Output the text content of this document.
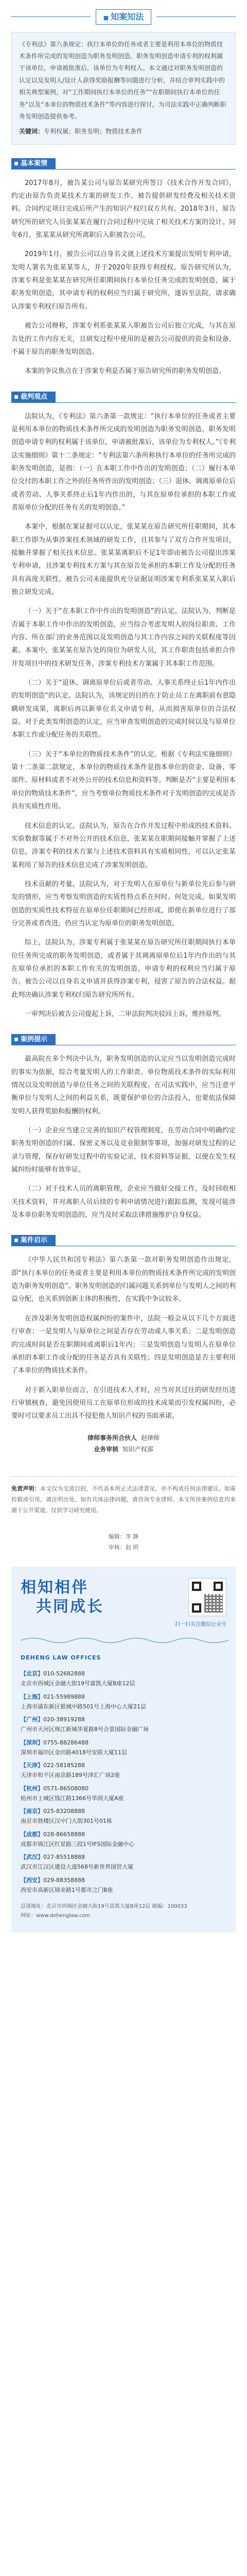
■ 知案知法
《专利法》第六条规定：执行本单位的任务或者主要是利用本单位的物质技术条件所完成的发明创造为职务发明创造。职务发明创造申请专利的权利属于该单位，申请被批准后，该单位为专利权人。本文通过对职务发明创造的认定以及发明人/设计人获得奖励报酬等问题进行分析，并结合审判实践中的相关典型案例，对“工作期间执行本单位的任务”“在职期间执行本单位的任务”以及“本单位的物质技术条件”等内容进行探讨，为司法实践中正确判断职务发明创造提供参考。
关键词：专利权属；职务发明；物质技术条件
基本案情

2017年8月，被告某公司与原告某研究所签订《技术合作开发合同》，约定由原告负责某技术方案的研发工作，被告提供研发经费及相关技术资料。合同约定项目完成后所产生的知识产权归双方共有。2018年3月，原告研究所的研究人员张某某在履行合同过程中完成了相关技术方案的设计。同年6月，张某某从研究所离职后入职被告公司。

2019年1月，被告公司以自身名义就上述技术方案提出发明专利申请，发明人署名为张某某等人，并于2020年获得专利授权。原告研究所认为，涉案专利是张某某在研究所任职期间执行本单位任务完成的发明创造，属于职务发明创造，其申请专利的权利应当归属于研究所，遂诉至法院，请求确认涉案专利权归原告所有。

被告公司辩称，涉案专利系张某某入职被告公司后独立完成，与其在原告处的工作内容无关，且研发过程中使用的是被告公司提供的资金和设备，不属于原告的职务发明创造。

本案的争议焦点在于涉案专利是否属于原告研究所的职务发明创造。

裁判观点

法院认为，《专利法》第六条第一款规定：“执行本单位的任务或者主要是利用本单位的物质技术条件所完成的发明创造为职务发明创造。职务发明创造申请专利的权利属于该单位，申请被批准后，该单位为专利权人。”《专利法实施细则》第十二条规定：“专利法第六条所称执行本单位的任务所完成的职务发明创造，是指：（一）在本职工作中作出的发明创造；（二）履行本单位交付的本职工作之外的任务所作出的发明创造；（三）退休、调离原单位后或者劳动、人事关系终止后1年内作出的，与其在原单位承担的本职工作或者原单位分配的任务有关的发明创造。”

本案中，根据在案证据可以认定，张某某在原告研究所任职期间，其本职工作即为从事涉案技术领域的研发工作，且其参与了双方合作开发项目，接触并掌握了相关技术信息。张某某离职后不足1年即由被告公司提出涉案专利申请，且涉案专利技术方案与其在原告处承担的本职工作及分配的任务具有高度关联性。被告公司未能提供充分证据证明涉案专利系张某某入职后独立研发完成。

（一）关于“在本职工作中作出的发明创造”的认定。法院认为，判断是否属于本职工作中作出的发明创造，应当综合考虑发明人的岗位职责、工作内容、所在部门的业务范围以及发明创造与其工作内容之间的关联程度等因素。本案中，张某某在原告处的岗位为研发人员，其工作职责包括承担合作开发项目中的技术研发任务，涉案专利技术方案属于其本职工作范围。

（二）关于“退休、调离原单位后或者劳动、人事关系终止后1年内作出的发明创造”的认定。法院认为，该规定的目的在于防止员工在离职前有意隐瞒研发成果，离职后再以新单位名义申请专利，从而损害原单位的合法权益。对于此类发明创造的认定，应当审查发明创造的完成时间以及与原单位本职工作或分配任务的关联性。

（三）关于“本单位的物质技术条件”的认定。根据《专利法实施细则》第十二条第二款规定，本单位的物质技术条件是指本单位的资金、设备、零部件、原材料或者不对外公开的技术信息和资料等。判断是否“主要是利用本单位的物质技术条件”，应当考察单位物质技术条件对于发明创造的完成是否具有实质性作用。

技术信息的认定。法院认为，原告在合作开发过程中形成的技术资料、实验数据等属于不对外公开的技术信息，张某某在职期间接触并掌握了上述信息，涉案专利的技术方案与上述技术资料具有实质相同性，可以认定张某某利用了原告的技术信息完成了涉案发明创造。

技术贡献的考量。法院认为，对于发明人在原单位与新单位先后参与研发的情形，应当考察发明创造的实质性特点系在何时、何处完成。如果发明创造的实质性技术特征在原单位任职期间已经形成，即使在新单位进行了部分完善或者改进，仍应当认定为原单位的职务发明创造。

综上，法院认为，涉案专利属于张某某在原告研究所任职期间执行本单位任务所完成的职务发明创造，或者属于其调离原单位后1年内作出的与其在原单位承担的本职工作有关的发明创造，申请专利的权利应当归属于原告。被告公司以自身名义申请并获得涉案专利，侵害了原告的合法权益。据此判决确认涉案专利权归原告研究所所有。

一审判决后被告公司提起上诉，二审法院判决驳回上诉，维持原判。

案例提示

最高院在多个判决中认为，职务发明创造的认定应当以发明创造完成时的事实为依据，综合考量发明人的工作职责、单位物质技术条件的实际利用情况以及发明创造与单位任务之间的关联程度。在司法实践中，应当注意平衡单位与发明人之间的利益关系，既要保护单位的合法投入，也要依法保障发明人获得奖励和报酬的权利。

（一）企业应当建立完善的知识产权管理制度，在劳动合同中明确约定职务发明创造的归属、保密义务以及竞业限制等事项，加强对研发过程的记录与管理，保存好研发过程中的实验记录、技术资料等证据，以便在发生权属纠纷时能够有效举证。

（二）对于技术人员的离职管理，企业应当做好交接工作，及时回收相关技术资料，并对离职人员后续的专利申请情况进行跟踪监测，发现可能涉及本单位职务发明创造的，应当及时采取法律措施维护自身权益。

案件启示

《中华人民共和国专利法》第六条第一款对职务发明创造作出规定，即“执行本单位的任务或者主要是利用本单位的物质技术条件所完成的发明创造为职务发明创造”。职务发明创造的归属问题关系到单位与发明人之间的利益分配，也关系到创新主体的积极性，在实践中争议较多。

在涉及职务发明创造权属纠纷的案件中，法院一般会从以下几个方面进行审查：一是发明人与原单位之间是否存在劳动或人事关系；二是发明创造的完成时间是否在职期间或离职后1年内；三是发明创造与发明人在原单位承担的本职工作或分配的任务是否具有关联性；四是发明创造是否主要利用了本单位的物质技术条件。

对于新入职单位而言，在引进技术人才时，应当对其过往的研发经历进行审慎核查，避免因使用员工在原单位形成的技术成果而引发权属纠纷，必要时可以要求员工出具不侵犯他人知识产权的书面承诺。

律师事务所合伙人 赵律师
业务审核 知识产权部
免责声明：本文仅为交流目的，不代表本所正式法律意见，亦不构成任何法律建议。如需转载或引用，请注明出处。如有具体法律问题，请咨询专业律师。本文所涉案例信息均来源于公开渠道，仅供学习研究使用。
编辑：李 静
审核：赵 明
相知相伴
共同成长
扫一扫关注微信公众号
DEHENG LAW OFFICES
【北京】010-52682888
北京市西城区金融大街19号富凯大厦B座12层
【上海】021-55989888
上海市浦东新区银城中路501号上海中心大厦21层
【广州】020-38919288
广州市天河区珠江新城华夏路8号合景国际金融广场
【深圳】0755-88286488
深圳市福田区金田路4018号安联大厦11层
【天津】022-58185288
天津市和平区南京路189号津汇广场2座
【杭州】0571-86508080
杭州市上城区钱江路1366号华润大厦A座
【南京】025-83208888
南京市鼓楼区汉中门大街301号01栋
【成都】028-86658888
成都市锦江区红星路三段1号IFS国际金融中心
【武汉】027-85518888
武汉市江汉区建设大道568号新世界国贸大厦
【西安】029-88358888
西安市高新区锦业路1号都市之门B座
总部地址：北京市西城区金融大街19号富凯大厦B座12层 邮编：100033
网址：www.dehenglaw.com
